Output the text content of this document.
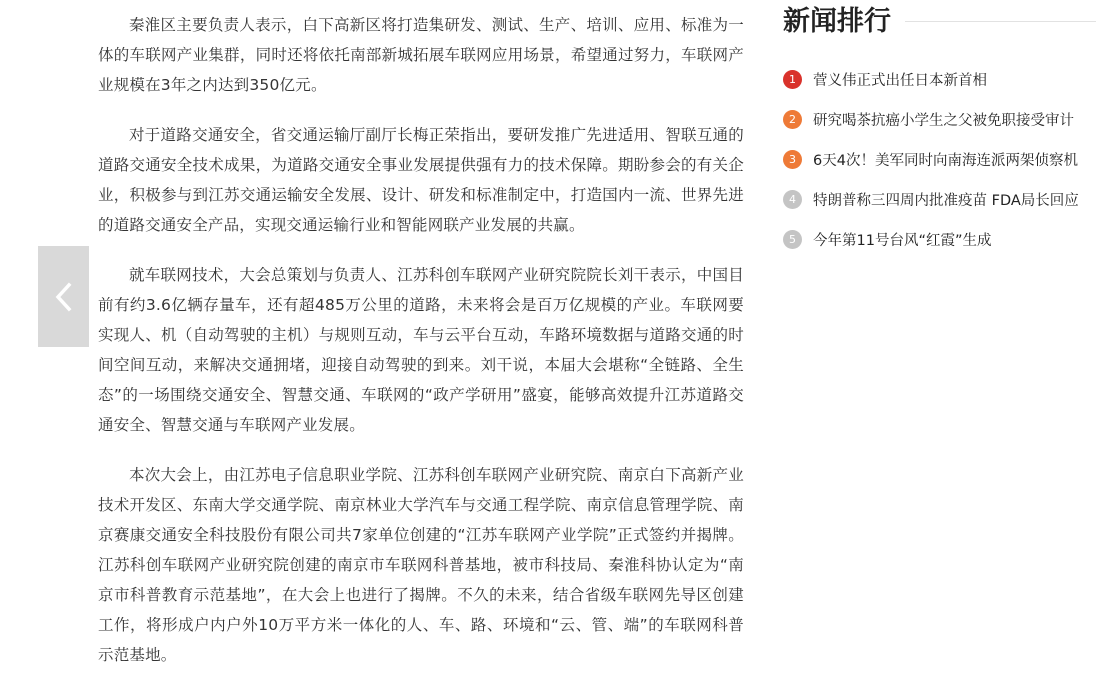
秦淮区主要负责人表示，白下高新区将打造集研发、测试、生产、培训、应用、标准为一体的车联网产业集群，同时还将依托南部新城拓展车联网应用场景，希望通过努力，车联网产业规模在3年之内达到350亿元。

对于道路交通安全，省交通运输厅副厅长梅正荣指出，要研发推广先进适用、智联互通的道路交通安全技术成果，为道路交通安全事业发展提供强有力的技术保障。期盼参会的有关企业，积极参与到江苏交通运输安全发展、设计、研发和标准制定中，打造国内一流、世界先进的道路交通安全产品，实现交通运输行业和智能网联产业发展的共赢。

就车联网技术，大会总策划与负责人、江苏科创车联网产业研究院院长刘干表示，中国目前有约3.6亿辆存量车，还有超485万公里的道路，未来将会是百万亿规模的产业。车联网要实现人、机（自动驾驶的主机）与规则互动，车与云平台互动，车路环境数据与道路交通的时间空间互动，来解决交通拥堵，迎接自动驾驶的到来。刘干说，本届大会堪称“全链路、全生态”的一场围绕交通安全、智慧交通、车联网的“政产学研用”盛宴，能够高效提升江苏道路交通安全、智慧交通与车联网产业发展。

本次大会上，由江苏电子信息职业学院、江苏科创车联网产业研究院、南京白下高新产业技术开发区、东南大学交通学院、南京林业大学汽车与交通工程学院、南京信息管理学院、南京赛康交通安全科技股份有限公司共7家单位创建的“江苏车联网产业学院”正式签约并揭牌。江苏科创车联网产业研究院创建的南京市车联网科普基地，被市科技局、秦淮科协认定为“南京市科普教育示范基地”，在大会上也进行了揭牌。不久的未来，结合省级车联网先导区创建工作，将形成户内户外10万平方米一体化的人、车、路、环境和“云、管、端”的车联网科普示范基地。

新闻排行
1	菅义伟正式出任日本新首相
2	研究喝茶抗癌小学生之父被免职接受审计
3	6天4次！美军同时向南海连派两架侦察机
4	特朗普称三四周内批准疫苗 FDA局长回应
5	今年第11号台风“红霞”生成
